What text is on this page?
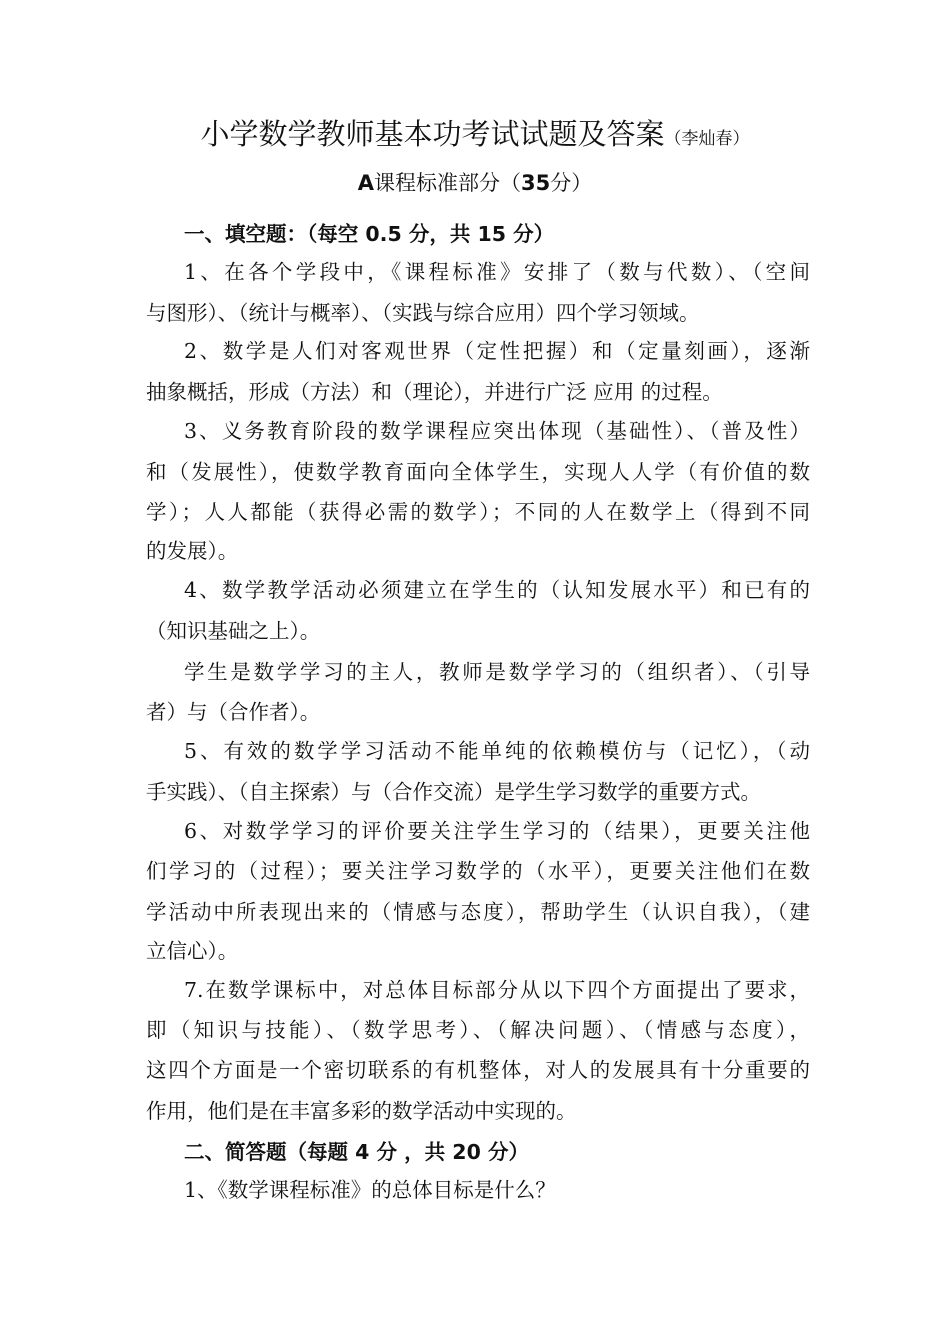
小学数学教师基本功考试试题及答案（李灿春）
A课程标准部分（35分）
一、填空题：（每空 0.5 分，共 15 分）
1、在各个学段中，《课程标准》安排了（数与代数）、（空间
与图形）、（统计与概率）、（实践与综合应用）四个学习领域。
2、数学是人们对客观世界（定性把握）和（定量刻画），逐渐
抽象概括，形成（方法）和（理论），并进行广泛 应用 的过程。
3、义务教育阶段的数学课程应突出体现（基础性）、（普及性）
和（发展性），使数学教育面向全体学生，实现人人学（有价值的数
学）；人人都能（获得必需的数学）；不同的人在数学上（得到不同
的发展）。
4、数学教学活动必须建立在学生的（认知发展水平）和已有的
（知识基础之上）。
学生是数学学习的主人，教师是数学学习的（组织者）、（引导
者）与（合作者）。
5、有效的数学学习活动不能单纯的依赖模仿与（记忆），（动
手实践）、（自主探索）与（合作交流）是学生学习数学的重要方式。
6、对数学学习的评价要关注学生学习的（结果），更要关注他
们学习的（过程）；要关注学习数学的（水平），更要关注他们在数
学活动中所表现出来的（情感与态度），帮助学生（认识自我），（建
立信心）。
7.在数学课标中，对总体目标部分从以下四个方面提出了要求，
即（知识与技能）、（数学思考）、（解决问题）、（情感与态度），
这四个方面是一个密切联系的有机整体，对人的发展具有十分重要的
作用，他们是在丰富多彩的数学活动中实现的。
二、简答题（每题 4 分 ，共 20 分）
1、《数学课程标准》的总体目标是什么？
